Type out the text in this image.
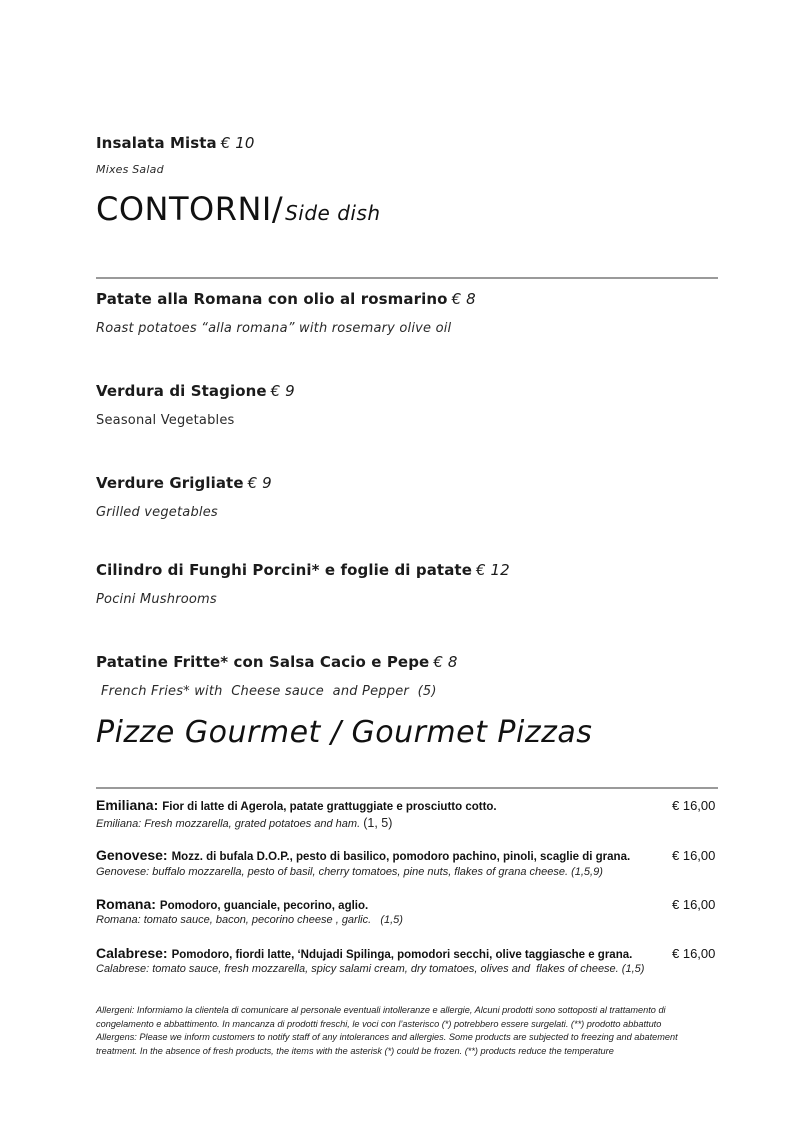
Insalata Mista € 10
Mixes Salad
CONTORNI/ Side dish
Patate alla Romana con olio al rosmarino € 8
Roast potatoes “alla romana” with rosemary olive oil
Verdura di Stagione € 9
Seasonal Vegetables
Verdure Grigliate € 9
Grilled vegetables
Cilindro di Funghi Porcini* e foglie di patate € 12
Pocini Mushrooms
Patatine Fritte* con Salsa Cacio e Pepe € 8
French Fries* with  Cheese sauce  and Pepper  (5)
Pizze Gourmet / Gourmet Pizzas
Emiliana: Fior di latte di Agerola, patate grattuggiate e prosciutto cotto.	€ 16,00
Emiliana: Fresh mozzarella, grated potatoes and ham. (1, 5)
Genovese: Mozz. di bufala D.O.P., pesto di basilico, pomodoro pachino, pinoli, scaglie di grana.	€ 16,00
Genovese: buffalo mozzarella, pesto of basil, cherry tomatoes, pine nuts, flakes of grana cheese. (1,5,9)
Romana: Pomodoro, guanciale, pecorino, aglio.	€ 16,00
Romana: tomato sauce, bacon, pecorino cheese , garlic.   (1,5)
Calabrese: Pomodoro, fiordi latte, ‘Ndujadi Spilinga, pomodori secchi, olive taggiasche e grana.	€ 16,00
Calabrese: tomato sauce, fresh mozzarella, spicy salami cream, dry tomatoes, olives and  flakes of cheese. (1,5)

Allergeni: Informiamo la clientela di comunicare al personale eventuali intolleranze e allergie, Alcuni prodotti sono sottoposti al trattamento di

congelamento e abbattimento. In mancanza di prodotti freschi, le voci con l’asterisco (*) potrebbero essere surgelati. (**) prodotto abbattuto

Allergens: Please we inform customers to notify staff of any intolerances and allergies. Some products are subjected to freezing and abatement

treatment. In the absence of fresh products, the items with the asterisk (*) could be frozen. (**) products reduce the temperature
